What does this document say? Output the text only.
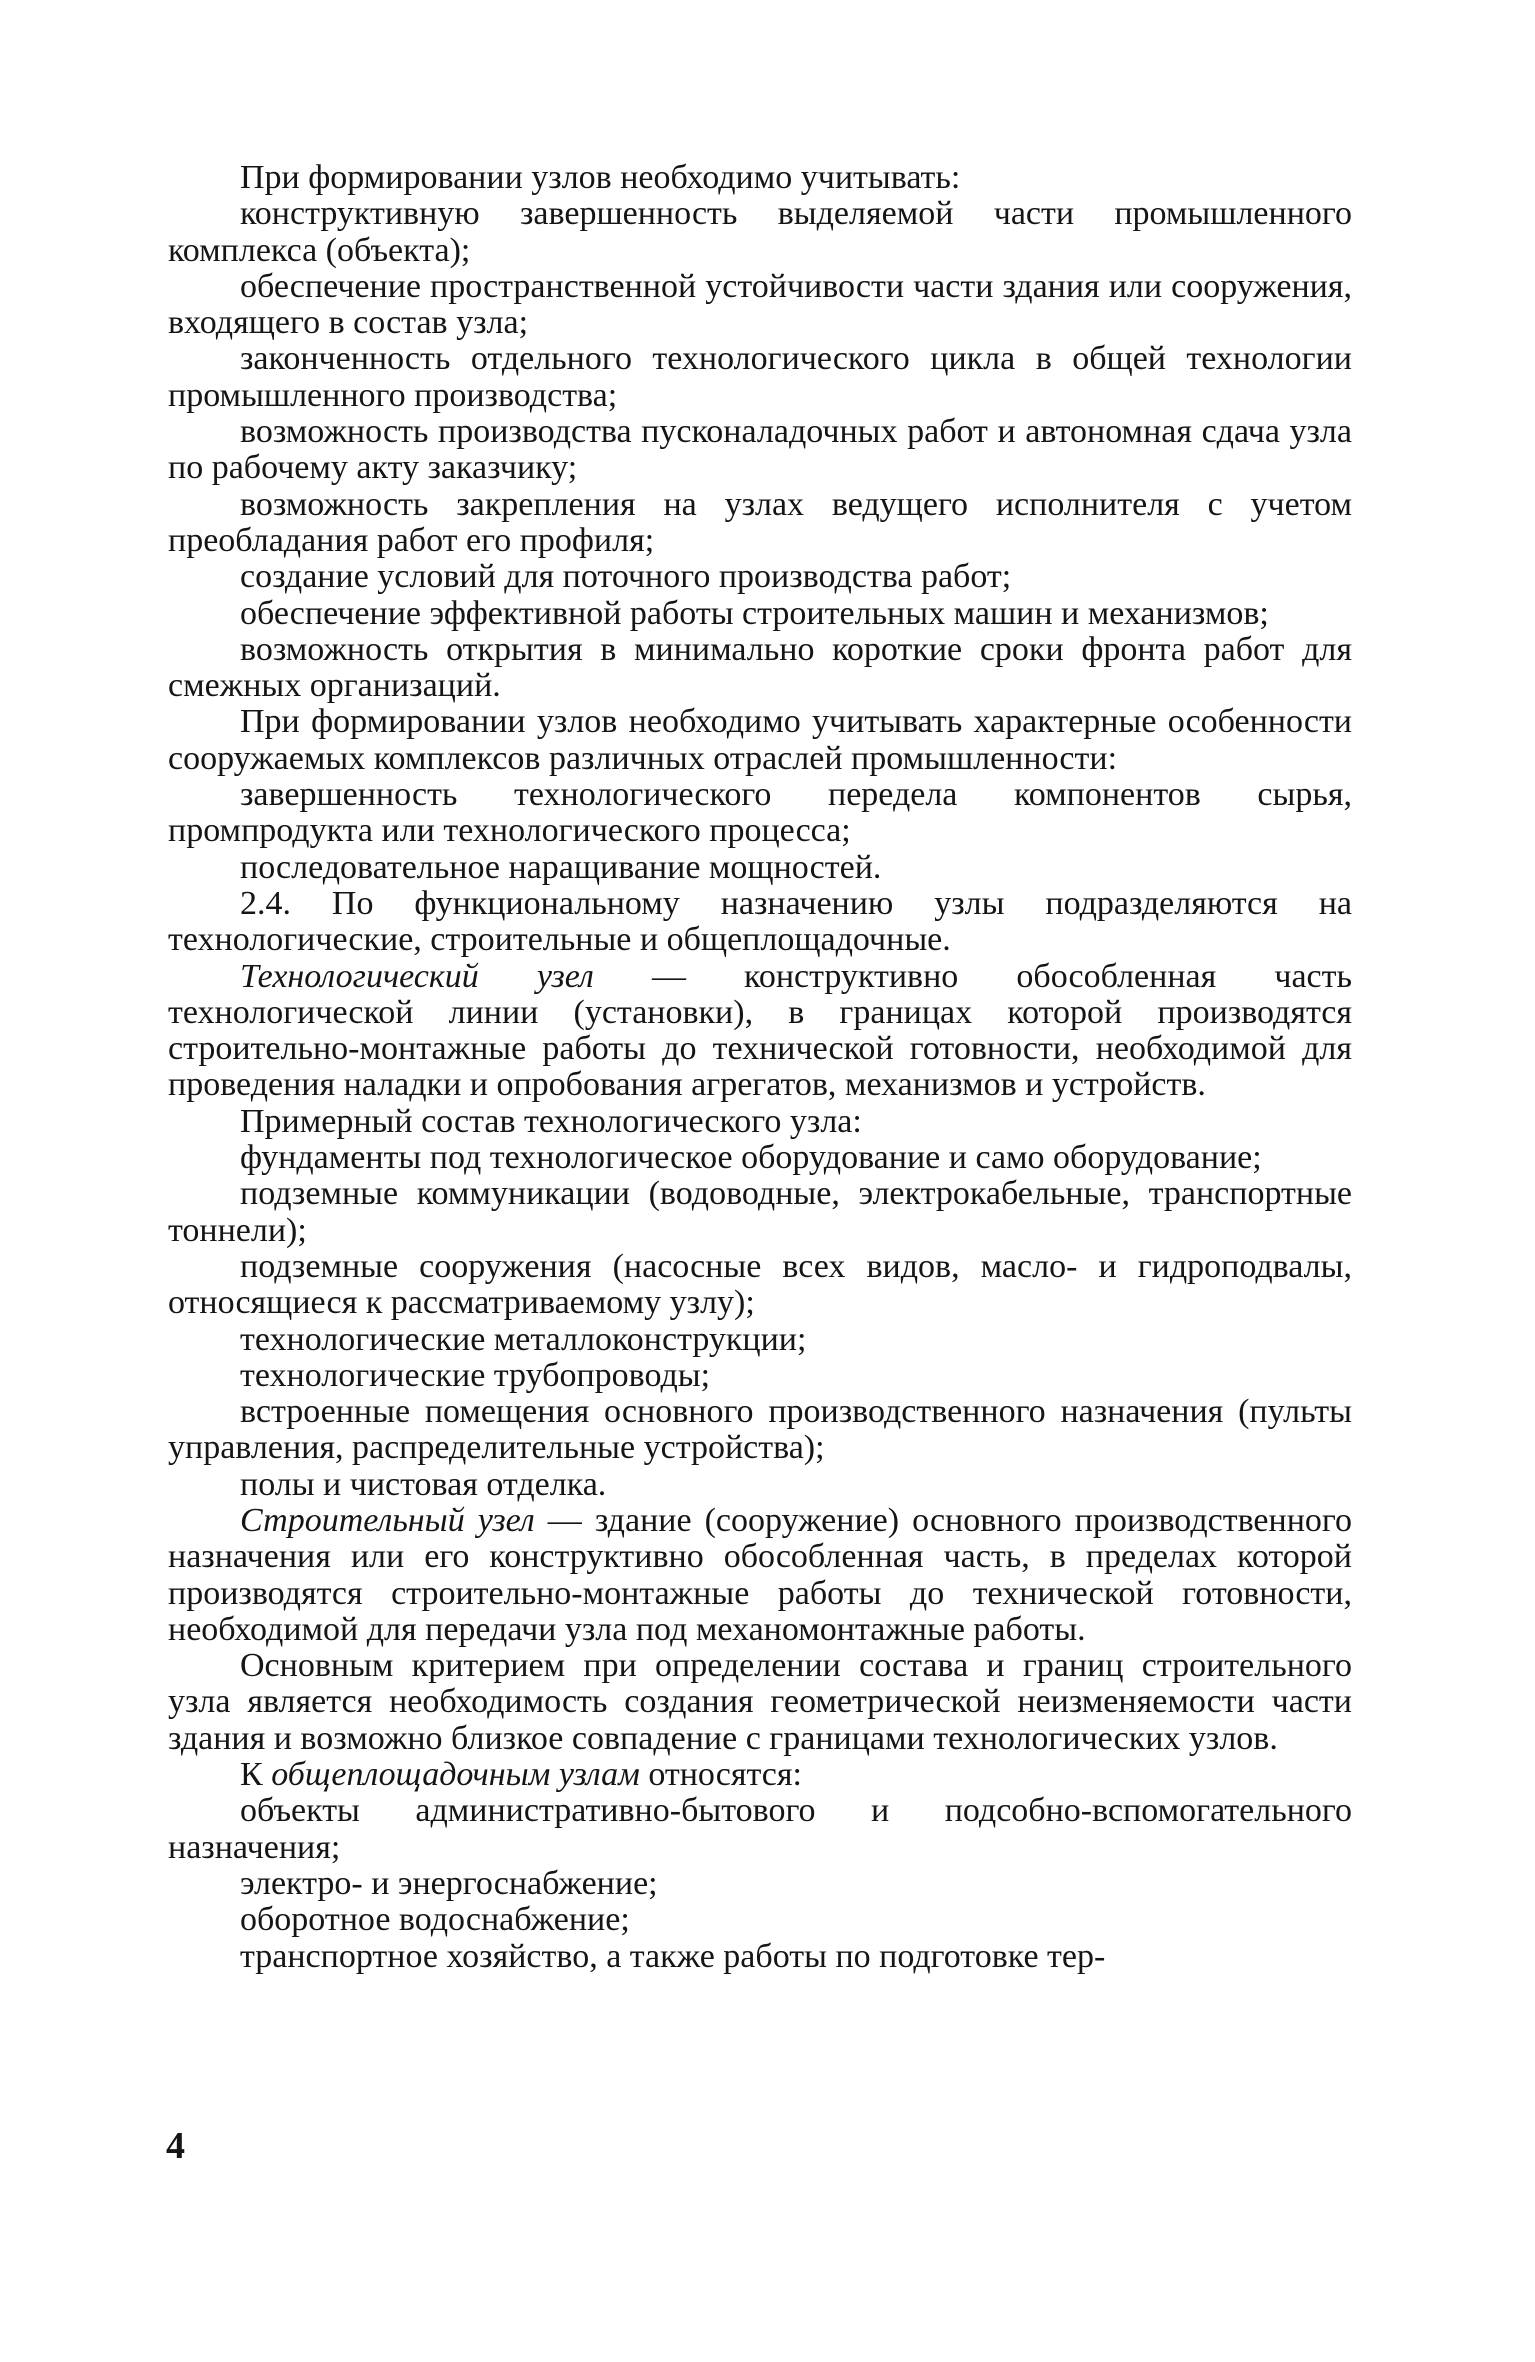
При формировании узлов необходимо учитывать:

конструктивную завершенность выделяемой части промышленного комплекса (объекта);

обеспечение пространственной устойчивости части здания или сооружения, входящего в состав узла;

законченность отдельного технологического цикла в общей технологии промышленного производства;

возможность производства пусконаладочных работ и автономная сдача узла по рабочему акту заказчику;

возможность закрепления на узлах ведущего исполнителя с учетом преобладания работ его профиля;

создание условий для поточного производства работ;

обеспечение эффективной работы строительных машин и механизмов;

возможность открытия в минимально короткие сроки фронта работ для смежных организаций.

При формировании узлов необходимо учитывать характерные особенности сооружаемых комплексов различных отраслей промышленности:

завершенность технологического передела компонентов сырья, промпродукта или технологического процесса;

последовательное наращивание мощностей.

2.4. По функциональному назначению узлы подразделяются на технологические, строительные и общеплощадочные.

Технологический узел — конструктивно обособленная часть технологической линии (установки), в границах которой производятся строительно-монтажные работы до технической готовности, необходимой для проведения наладки и опробования агрегатов, механизмов и устройств.

Примерный состав технологического узла:

фундаменты под технологическое оборудование и само оборудование;

подземные коммуникации (водоводные, электрокабельные, транспортные тоннели);

подземные сооружения (насосные всех видов, масло- и гидроподвалы, относящиеся к рассматриваемому узлу);

технологические металлоконструкции;

технологические трубопроводы;

встроенные помещения основного производственного назначения (пульты управления, распределительные устройства);

полы и чистовая отделка.

Строительный узел — здание (сооружение) основного производственного назначения или его конструктивно обособленная часть, в пределах которой производятся строительно-монтажные работы до технической готовности, необходимой для передачи узла под механомонтажные работы.

Основным критерием при определении состава и границ строительного узла является необходимость создания геометрической неизменяемости части здания и возможно близкое совпадение с границами технологических узлов.

К общеплощадочным узлам относятся:

объекты административно-бытового и подсобно-вспомогательного назначения;

электро- и энергоснабжение;

оборотное водоснабжение;

транспортное хозяйство, а также работы по подготовке тер-

4
